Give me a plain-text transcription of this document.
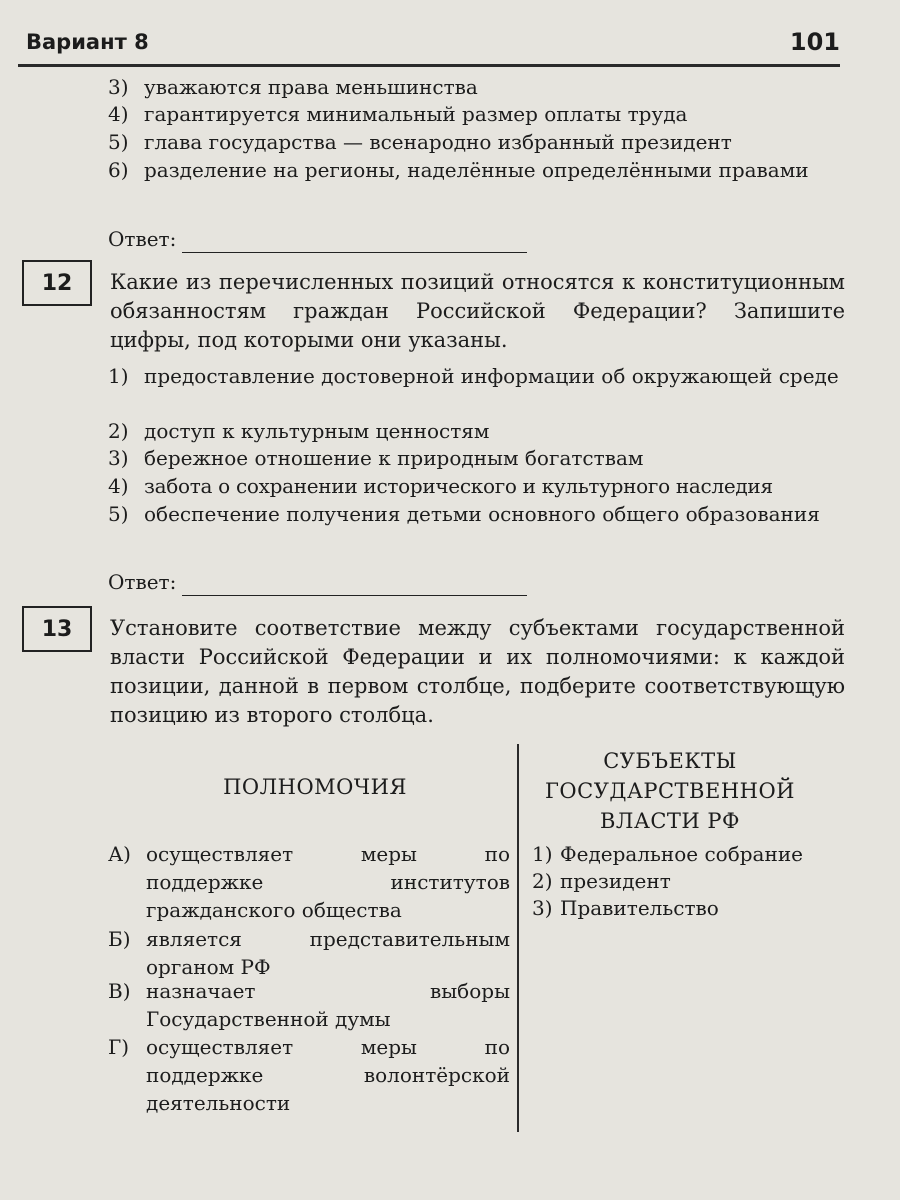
Вариант 8	101
3) уважаются права меньшинства
4) гарантируется минимальный размер оплаты труда
5) глава государства — всенародно избранный президент
6) разделение на регионы, наделённые определёнными правами
Ответ:
12	Какие из перечисленных позиций относятся к конституционным обязанностям граждан Российской Федерации? Запишите цифры, под которыми они указаны.
1) предоставление достоверной информации об окружающей среде
2) доступ к культурным ценностям
3) бережное отношение к природным богатствам
4) забота о сохранении исторического и культурного наследия
5) обеспечение получения детьми основного общего образования
Ответ:
13	Установите соответствие между субъектами государственной власти Российской Федерации и их полномочиями: к каждой позиции, данной в первом столбце, подберите соответствующую позицию из второго столбца.
ПОЛНОМОЧИЯ
СУБЪЕКТЫ ГОСУДАРСТВЕННОЙ ВЛАСТИ РФ
А) осуществляет меры по поддержке институтов гражданского общества
Б) является представительным органом РФ
В) назначает выборы Государственной думы
Г) осуществляет меры по поддержке волонтёрской деятельности
1) Федеральное собрание
2) президент
3) Правительство
